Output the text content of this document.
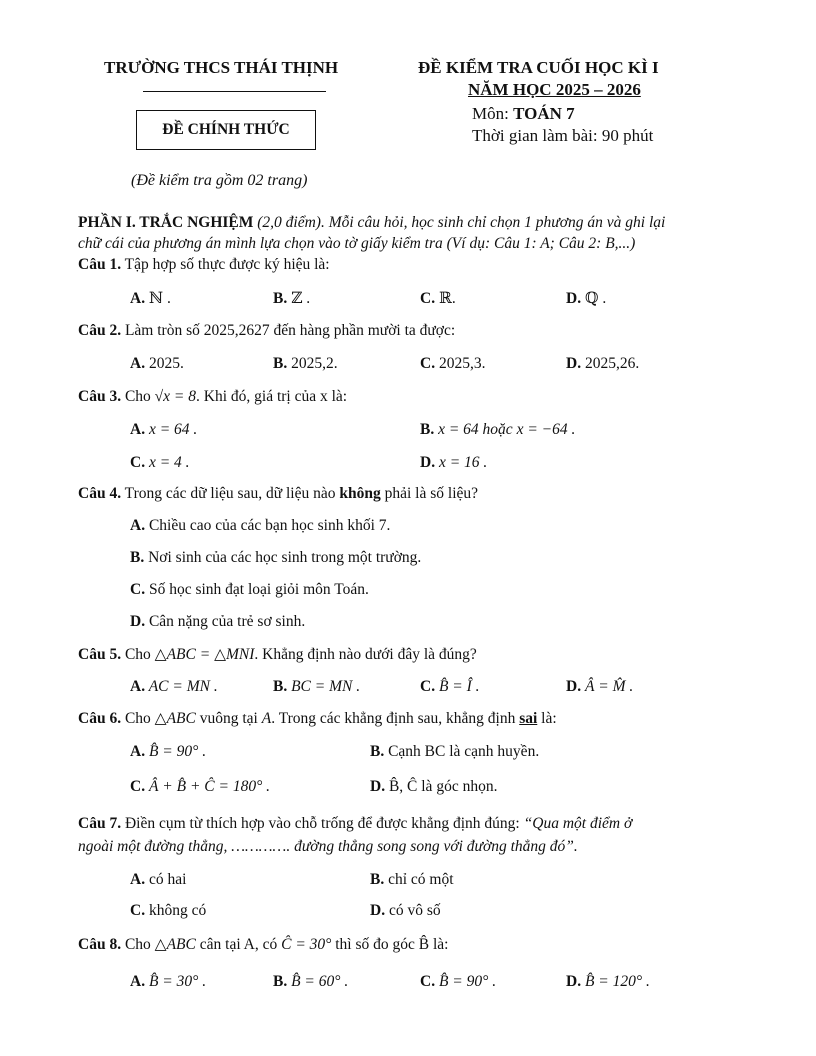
TRƯỜNG THCS THÁI THỊNH	ĐỀ KIỂM TRA CUỐI HỌC KÌ I
NĂM HỌC 2025 – 2026
Môn: TOÁN 7
Thời gian làm bài: 90 phút
ĐỀ CHÍNH THỨC
(Đề kiểm tra gồm 02 trang)
PHẦN I. TRẮC NGHIỆM (2,0 điểm). Mỗi câu hỏi, học sinh chỉ chọn 1 phương án và ghi lại
chữ cái của phương án mình lựa chọn vào tờ giấy kiểm tra (Ví dụ: Câu 1: A; Câu 2: B,...)
Câu 1. Tập hợp số thực được ký hiệu là:
A. ℕ .	B. ℤ .	C. ℝ.	D. ℚ .
Câu 2. Làm tròn số 2025,2627 đến hàng phần mười ta được:
A. 2025.	B. 2025,2.	C. 2025,3.	D. 2025,26.
Câu 3. Cho √x = 8. Khi đó, giá trị của x là:
A. x = 64 .	B. x = 64 hoặc x = −64 .
C. x = 4 .	D. x = 16 .
Câu 4. Trong các dữ liệu sau, dữ liệu nào không phải là số liệu?
A. Chiều cao của các bạn học sinh khối 7.
B. Nơi sinh của các học sinh trong một trường.
C. Số học sinh đạt loại giỏi môn Toán.
D. Cân nặng của trẻ sơ sinh.
Câu 5. Cho △ABC = △MNI. Khẳng định nào dưới đây là đúng?
A. AC = MN .	B. BC = MN .	C. B̂ = Î .	D. Â = M̂ .
Câu 6. Cho △ABC vuông tại A. Trong các khẳng định sau, khẳng định sai là:
A. B̂ = 90° .	B. Cạnh BC là cạnh huyền.
C. Â + B̂ + Ĉ = 180° .	D. B̂, Ĉ là góc nhọn.
Câu 7. Điền cụm từ thích hợp vào chỗ trống để được khẳng định đúng: “Qua một điểm ở
ngoài một đường thẳng, …………. đường thẳng song song với đường thẳng đó”.
A. có hai	B. chỉ có một
C. không có	D. có vô số
Câu 8. Cho △ABC cân tại A, có Ĉ = 30° thì số đo góc B̂ là:
A. B̂ = 30° .	B. B̂ = 60° .	C. B̂ = 90° .	D. B̂ = 120° .
